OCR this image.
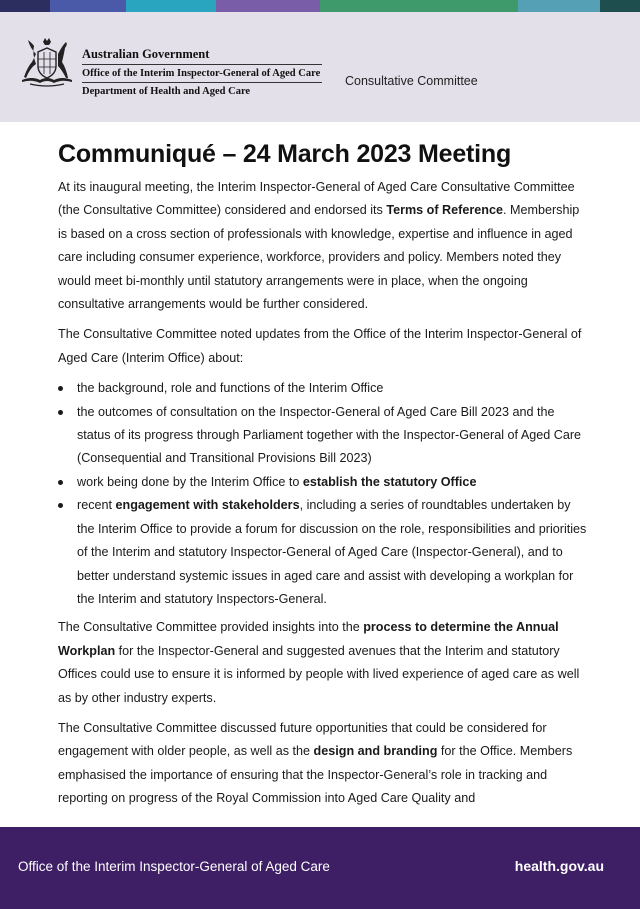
Australian Government
Office of the Interim Inspector-General of Aged Care
Department of Health and Aged Care
Consultative Committee
Communiqué – 24 March 2023 Meeting

At its inaugural meeting, the Interim Inspector-General of Aged Care Consultative Committee (the Consultative Committee) considered and endorsed its Terms of Reference. Membership is based on a cross section of professionals with knowledge, expertise and influence in aged care including consumer experience, workforce, providers and policy. Members noted they would meet bi-monthly until statutory arrangements were in place, when the ongoing consultative arrangements would be further considered.

The Consultative Committee noted updates from the Office of the Interim Inspector-General of Aged Care (Interim Office) about:

the background, role and functions of the Interim Office
the outcomes of consultation on the Inspector-General of Aged Care Bill 2023 and the status of its progress through Parliament together with the Inspector-General of Aged Care (Consequential and Transitional Provisions Bill 2023)
work being done by the Interim Office to establish the statutory Office
recent engagement with stakeholders, including a series of roundtables undertaken by the Interim Office to provide a forum for discussion on the role, responsibilities and priorities of the Interim and statutory Inspector-General of Aged Care (Inspector-General), and to better understand systemic issues in aged care and assist with developing a workplan for the Interim and statutory Inspectors-General.

The Consultative Committee provided insights into the process to determine the Annual Workplan for the Inspector-General and suggested avenues that the Interim and statutory Offices could use to ensure it is informed by people with lived experience of aged care as well as by other industry experts.

The Consultative Committee discussed future opportunities that could be considered for engagement with older people, as well as the design and branding for the Office. Members emphasised the importance of ensuring that the Inspector-General’s role in tracking and reporting on progress of the Royal Commission into Aged Care Quality and

Office of the Interim Inspector-General of Aged Care	health.gov.au
